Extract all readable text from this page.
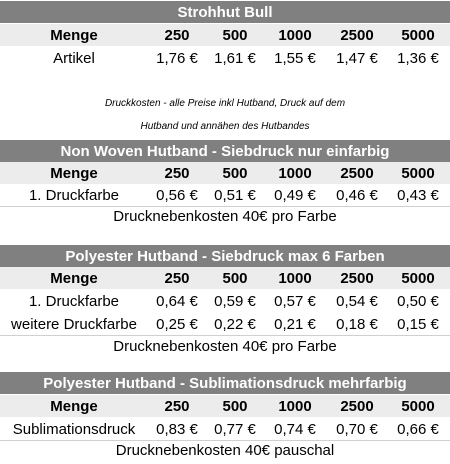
Strohhut Bull
Menge	250	500	1000	2500	5000
Artikel	1,76 €	1,61 €	1,55 €	1,47 €	1,36 €
Druckkosten - alle Preise inkl Hutband, Druck auf dem
Hutband und annähen des Hutbandes
Non Woven Hutband - Siebdruck nur einfarbig
Menge	250	500	1000	2500	5000
1. Druckfarbe	0,56 €	0,51 €	0,49 €	0,46 €	0,43 €
Drucknebenkosten 40€ pro Farbe
Polyester Hutband - Siebdruck max 6 Farben
Menge	250	500	1000	2500	5000
1. Druckfarbe	0,64 €	0,59 €	0,57 €	0,54 €	0,50 €
weitere Druckfarbe	0,25 €	0,22 €	0,21 €	0,18 €	0,15 €
Drucknebenkosten 40€ pro Farbe
Polyester Hutband - Sublimationsdruck mehrfarbig
Menge	250	500	1000	2500	5000
Sublimationsdruck	0,83 €	0,77 €	0,74 €	0,70 €	0,66 €
Drucknebenkosten 40€ pauschal
